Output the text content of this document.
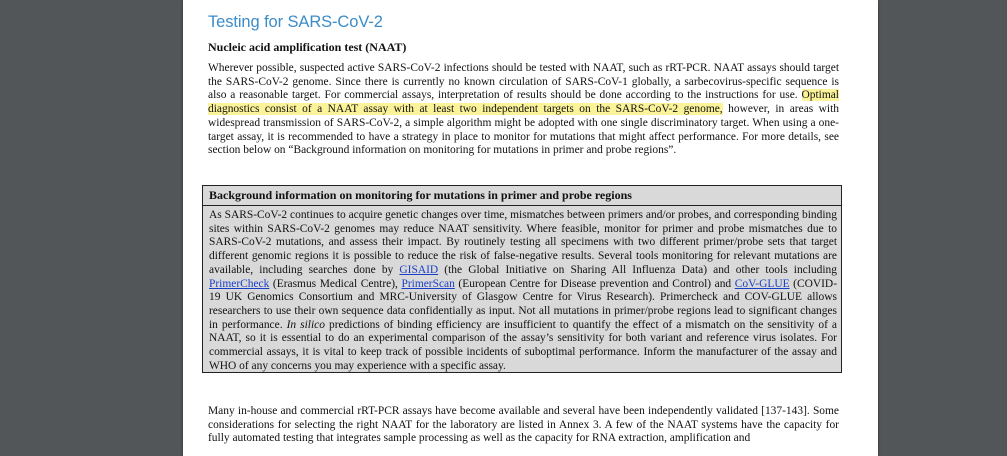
Testing for SARS-CoV-2
Nucleic acid amplification test (NAAT)

Wherever possible, suspected active SARS-CoV-2 infections should be tested with NAAT, such as rRT-PCR. NAAT assays should target the SARS-CoV-2 genome. Since there is currently no known circulation of SARS-CoV-1 globally, a sarbecovirus-specific sequence is also a reasonable target. For commercial assays, interpretation of results should be done according to the instructions for use. Optimal diagnostics consist of a NAAT assay with at least two independent targets on the SARS-CoV-2 genome, however, in areas with widespread transmission of SARS-CoV-2, a simple algorithm might be adopted with one single discriminatory target. When using a one-target assay, it is recommended to have a strategy in place to monitor for mutations that might affect performance. For more details, see section below on “Background information on monitoring for mutations in primer and probe regions”.

Background information on monitoring for mutations in primer and probe regions

As SARS-CoV-2 continues to acquire genetic changes over time, mismatches between primers and/or probes, and corresponding binding sites within SARS-CoV-2 genomes may reduce NAAT sensitivity. Where feasible, monitor for primer and probe mismatches due to SARS-CoV-2 mutations, and assess their impact. By routinely testing all specimens with two different primer/probe sets that target different genomic regions it is possible to reduce the risk of false-negative results. Several tools monitoring for relevant mutations are available, including searches done by GISAID (the Global Initiative on Sharing All Influenza Data) and other tools including PrimerCheck (Erasmus Medical Centre), PrimerScan (European Centre for Disease prevention and Control) and CoV-GLUE (COVID-19 UK Genomics Consortium and MRC-University of Glasgow Centre for Virus Research). Primercheck and COV-GLUE allows researchers to use their own sequence data confidentially as input. Not all mutations in primer/probe regions lead to significant changes in performance. In silico predictions of binding efficiency are insufficient to quantify the effect of a mismatch on the sensitivity of a NAAT, so it is essential to do an experimental comparison of the assay’s sensitivity for both variant and reference virus isolates. For commercial assays, it is vital to keep track of possible incidents of suboptimal performance. Inform the manufacturer of the assay and WHO of any concerns you may experience with a specific assay.

Many in-house and commercial rRT-PCR assays have become available and several have been independently validated [137-143]. Some considerations for selecting the right NAAT for the laboratory are listed in Annex 3. A few of the NAAT systems have the capacity for fully automated testing that integrates sample processing as well as the capacity for RNA extraction, amplification and
